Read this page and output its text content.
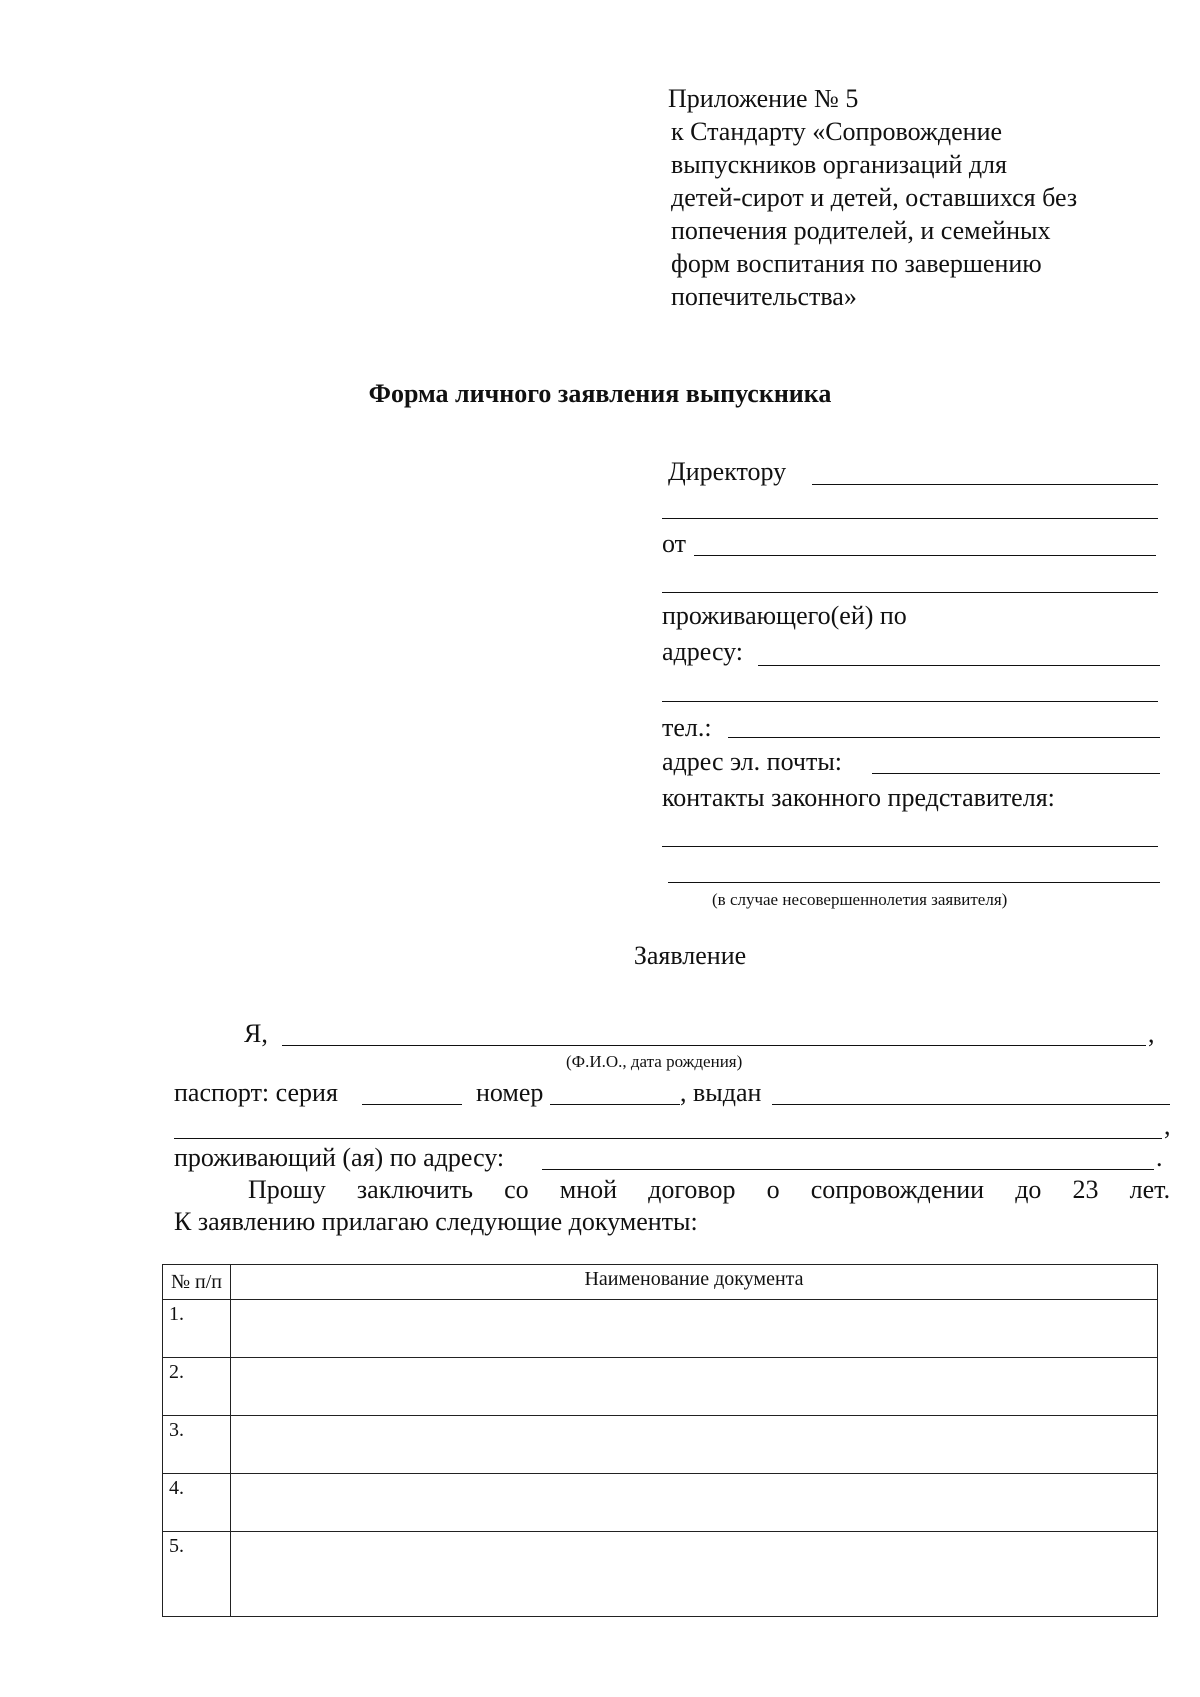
Приложение № 5
к Стандарту «Сопровождение
выпускников организаций для
детей-сирот и детей, оставшихся без
попечения родителей, и семейных
форм воспитания по завершению
попечительства»
Форма личного заявления выпускника
Директору
от
проживающего(ей) по
адресу:
тел.:
адрес эл. почты:
контакты законного представителя:
(в случае несовершеннолетия заявителя)
Заявление
Я,	,
(Ф.И.О., дата рождения)
паспорт: серия	номер	, выдан
,
проживающий (ая) по адресу:	.
Прошу заключить со мной договор о сопровождении до 23 лет.
К заявлению прилагаю следующие документы:
№ п/п	Наименование документа
1.	
2.	
3.	
4.	
5.	
